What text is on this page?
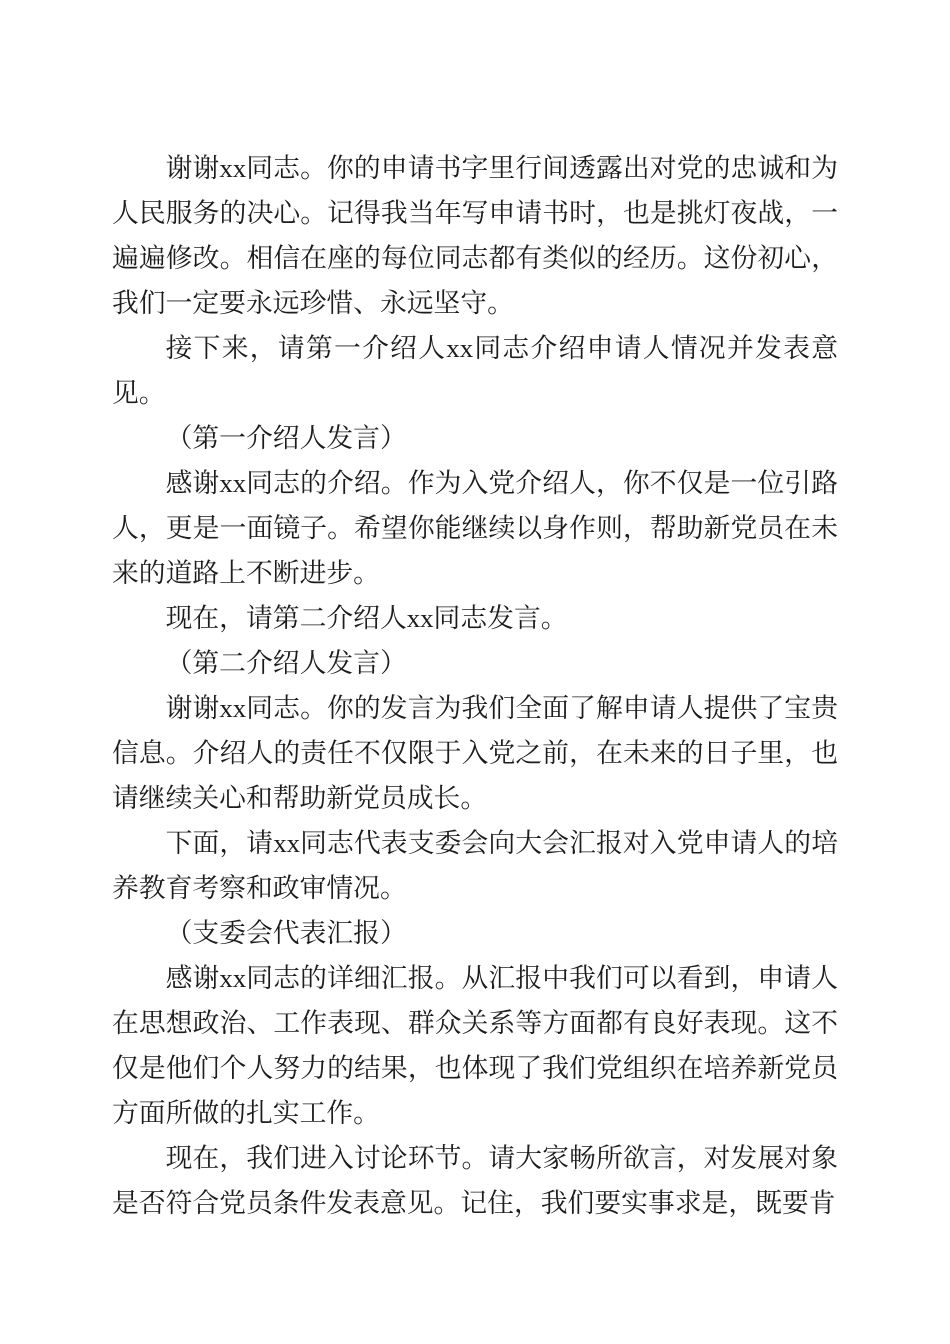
谢谢xx同志。你的申请书字里行间透露出对党的忠诚和为人民服务的决心。记得我当年写申请书时，也是挑灯夜战，一遍遍修改。相信在座的每位同志都有类似的经历。这份初心，我们一定要永远珍惜、永远坚守。

接下来，请第一介绍人xx同志介绍申请人情况并发表意见。

（第一介绍人发言）

感谢xx同志的介绍。作为入党介绍人，你不仅是一位引路人，更是一面镜子。希望你能继续以身作则，帮助新党员在未来的道路上不断进步。

现在，请第二介绍人xx同志发言。

（第二介绍人发言）

谢谢xx同志。你的发言为我们全面了解申请人提供了宝贵信息。介绍人的责任不仅限于入党之前，在未来的日子里，也请继续关心和帮助新党员成长。

下面，请xx同志代表支委会向大会汇报对入党申请人的培养教育考察和政审情况。

（支委会代表汇报）

感谢xx同志的详细汇报。从汇报中我们可以看到，申请人在思想政治、工作表现、群众关系等方面都有良好表现。这不仅是他们个人努力的结果，也体现了我们党组织在培养新党员方面所做的扎实工作。

现在，我们进入讨论环节。请大家畅所欲言，对发展对象是否符合党员条件发表意见。记住，我们要实事求是，既要肯
